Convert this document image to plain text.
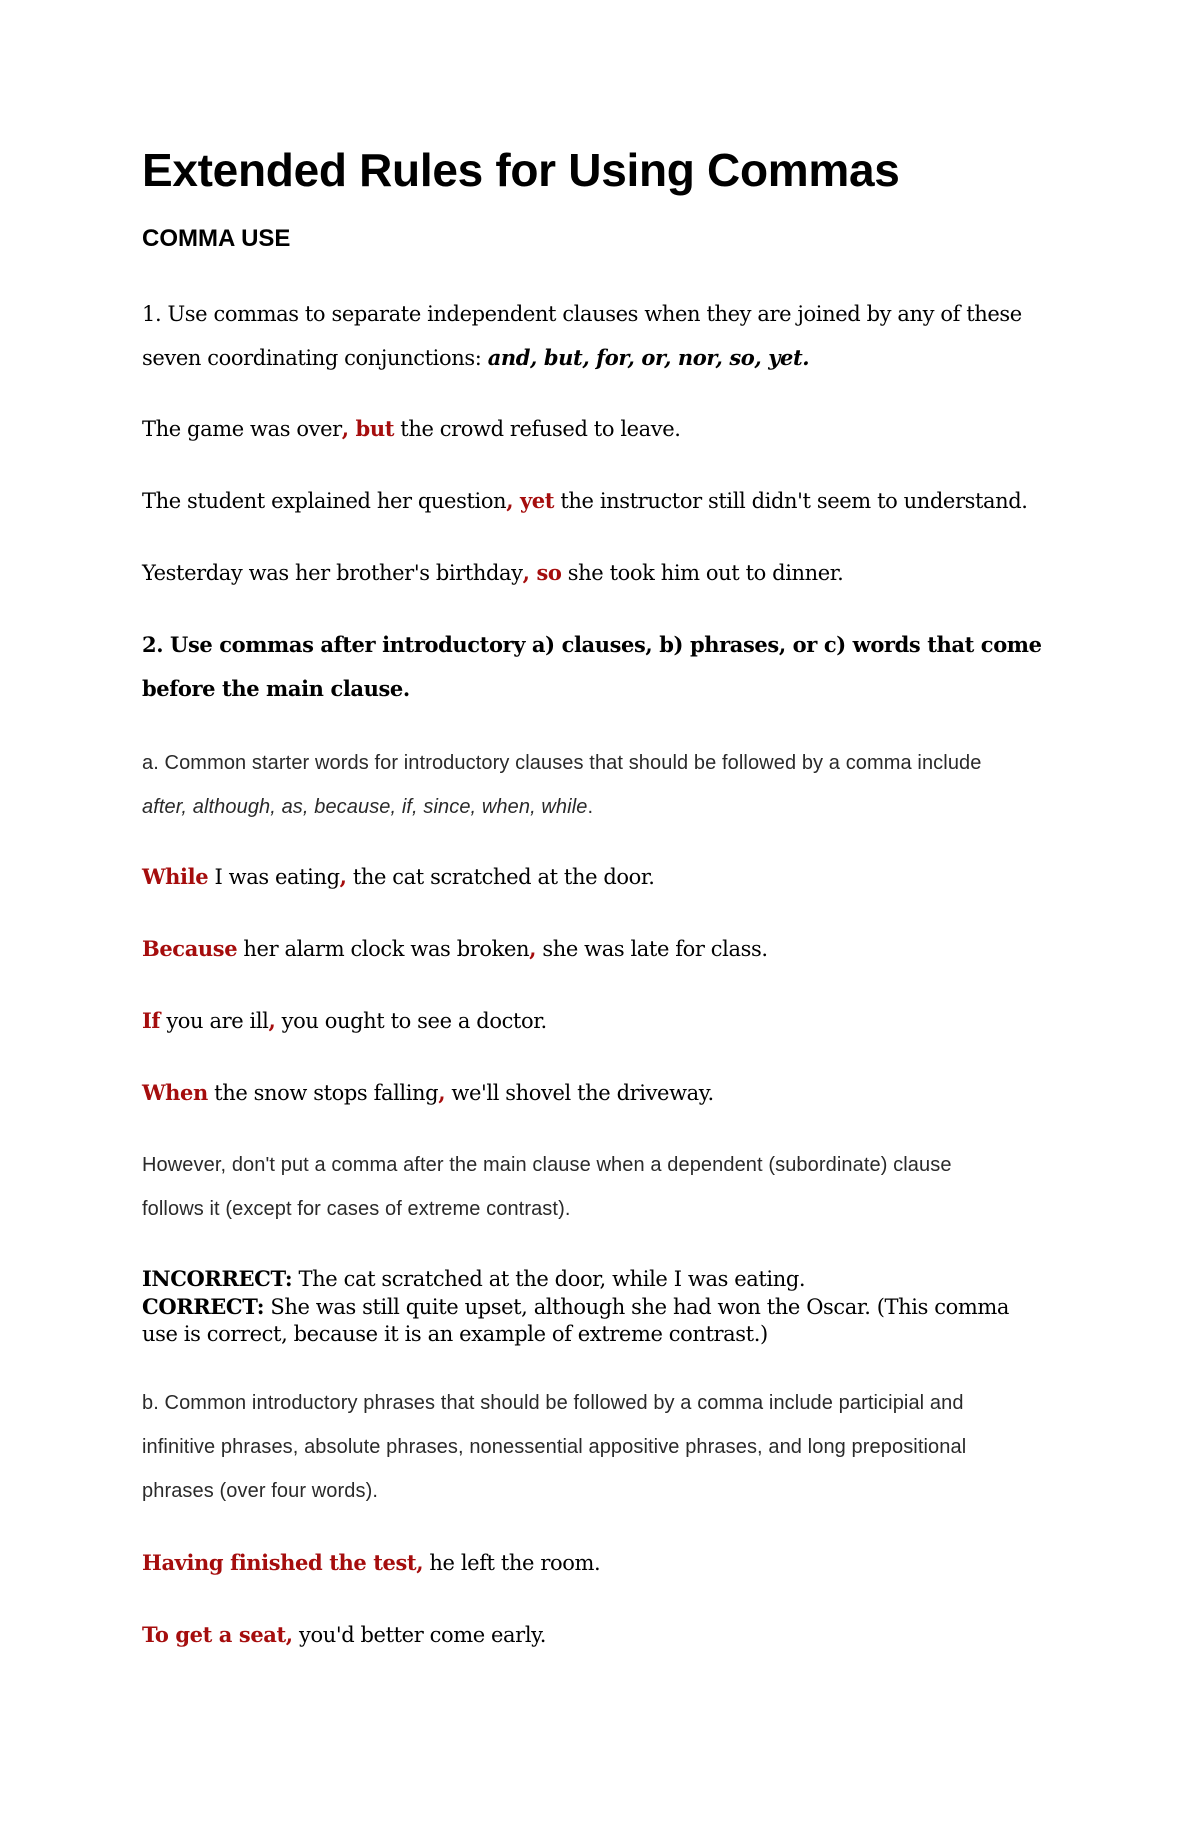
Extended Rules for Using Commas
COMMA USE
1. Use commas to separate independent clauses when they are joined by any of these seven coordinating conjunctions: and, but, for, or, nor, so, yet.
The game was over, but the crowd refused to leave.
The student explained her question, yet the instructor still didn't seem to understand.
Yesterday was her brother's birthday, so she took him out to dinner.
2. Use commas after introductory a) clauses, b) phrases, or c) words that come before the main clause.
a. Common starter words for introductory clauses that should be followed by a comma include after, although, as, because, if, since, when, while.
While I was eating, the cat scratched at the door.
Because her alarm clock was broken, she was late for class.
If you are ill, you ought to see a doctor.
When the snow stops falling, we'll shovel the driveway.
However, don't put a comma after the main clause when a dependent (subordinate) clause follows it (except for cases of extreme contrast).
INCORRECT: The cat scratched at the door, while I was eating.
CORRECT: She was still quite upset, although she had won the Oscar. (This comma use is correct, because it is an example of extreme contrast.)
b. Common introductory phrases that should be followed by a comma include participial and infinitive phrases, absolute phrases, nonessential appositive phrases, and long prepositional phrases (over four words).
Having finished the test, he left the room.
To get a seat, you'd better come early.
